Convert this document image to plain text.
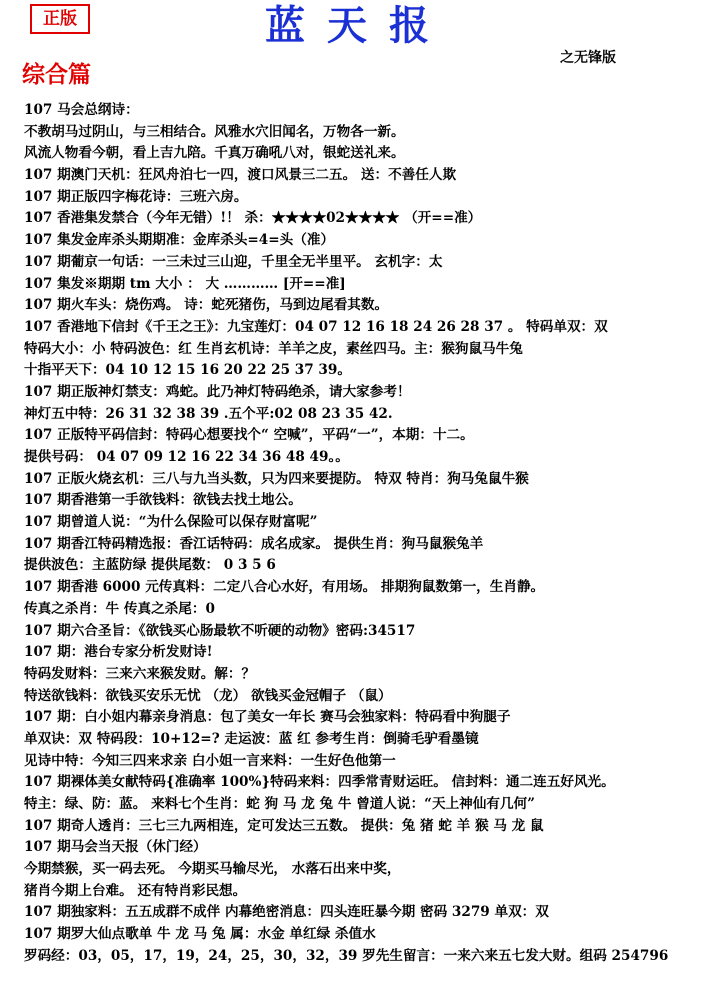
正版	蓝天报
之无锋版
综合篇
107 马会总纲诗：
不教胡马过阴山，与三相结合。风雅水穴旧闻名，万物各一新。
风流人物看今朝，看上吉九陪。千真万确吼八对，银蛇送礼来。
107 期澳门天机：狂风舟泊七一四，渡口风景三二五。 送：不善任人欺
107 期正版四字梅花诗：三班六房。
107 香港集发禁合（今年无错）!！ 杀：★★★★02★★★★ （开==准）
107 集发金库杀头期期准：金库杀头=4=头（准）
107 期葡京一句话：一三未过三山迎，千里全无半里平。 玄机字：太
107 集发※期期 tm 大小 ： 大 ………… [开==准]
107 期火车头：烧伤鸡。 诗：蛇死猪伤，马到边尾看其数。
107 香港地下信封《千王之王》：九宝莲灯：04 07 12 16 18 24 26 28 37 。 特码单双：双
特码大小：小 特码波色：红 生肖玄机诗：羊羊之皮，素丝四马。主：猴狗鼠马牛兔
十指平天下：04 10 12 15 16 20 22 25 37 39。
107 期正版神灯禁支：鸡蛇。此乃神灯特码绝杀，请大家参考！
神灯五中特：26 31 32 38 39 .五个平:02 08 23 35 42.
107 正版特平码信封：特码心想要找个“ 空喊”，平码“一”，本期：十二。
提供号码： 04 07 09 12 16 22 34 36 48 49。。
107 正版火烧玄机：三八与九当头数，只为四来要提防。 特双 特肖：狗马兔鼠牛猴
107 期香港第一手欲钱料：欲钱去找土地公。
107 期曾道人说：“为什么保险可以保存财富呢”
107 期香江特码精选报：香江话特码：成名成家。 提供生肖：狗马鼠猴兔羊
提供波色：主蓝防绿 提供尾数： 0 3 5 6
107 期香港 6000 元传真料：二定八合心水好，有用场。 排期狗鼠数第一，生肖静。
传真之杀肖：牛 传真之杀尾：0
107 期六合圣旨：《欲钱买心肠最软不听硬的动物》密码:34517
107 期：港台专家分析发财诗!
特码发财料：三来六来猴发财。解：？
特送欲钱料：欲钱买安乐无忧 （龙） 欲钱买金冠帽子 （鼠）
107 期：白小姐内幕亲身消息：包了美女一年长 赛马会独家料：特码看中狗腿子
单双诀：双 特码段：10+12=? 走运波：蓝 红 参考生肖：倒骑毛驴看墨镜
见诗中特：今知三四来求亲 白小姐一言来料：一生好色他第一
107 期裸体美女献特码{准确率 100%}特码来料：四季常青财运旺。 信封料：通二连五好风光。
特主：绿、防：蓝。 来料七个生肖：蛇 狗 马 龙 兔 牛 曾道人说：“天上神仙有几何”
107 期奇人透肖：三七三九两相连，定可发达三五数。 提供：兔 猪 蛇 羊 猴 马 龙 鼠
107 期马会当天报（休门经）
今期禁猴，买一码去死。 今期买马输尽光， 水落石出来中奖，
猪肖今期上台难。 还有特肖彩民想。
107 期独家料：五五成群不成伴 内幕绝密消息：四头连旺暴今期 密码 3279 单双：双
107 期罗大仙点歌单 牛 龙 马 兔 属：水金 单红绿 杀值水
罗码经：03，05，17，19，24，25，30，32，39 罗先生留言：一来六来五七发大财。组码 254796
